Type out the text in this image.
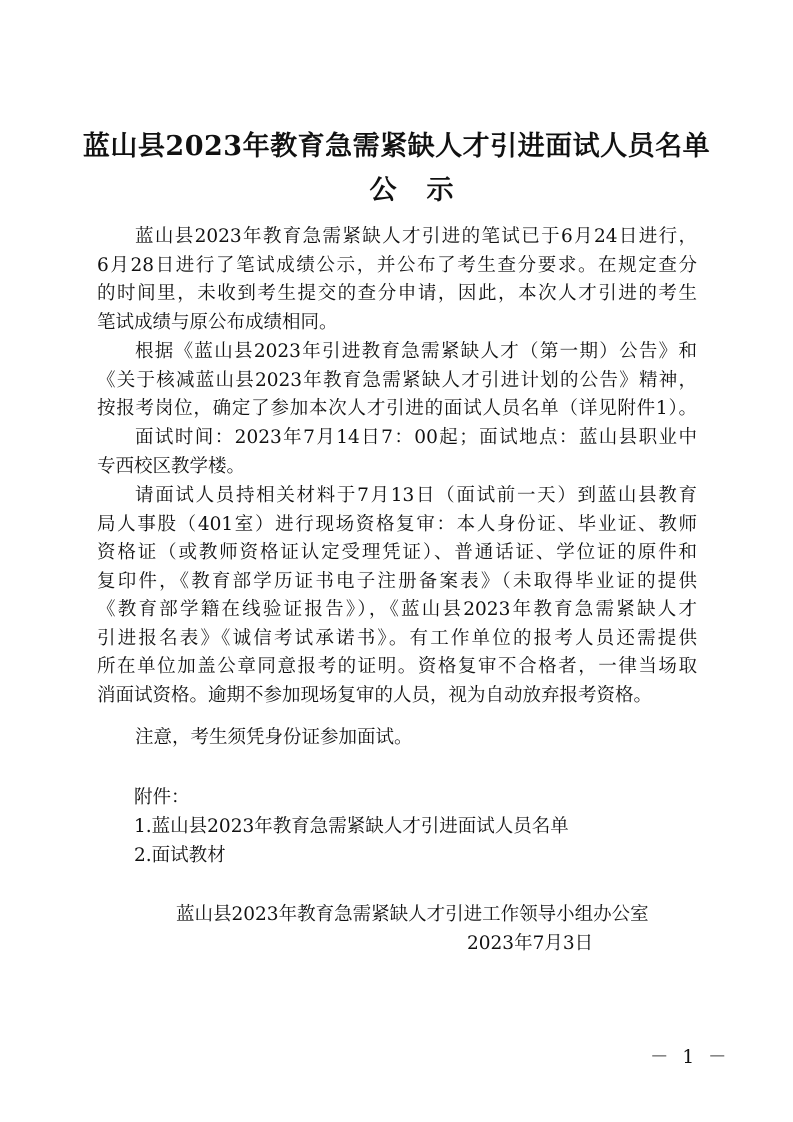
蓝山县2023年教育急需紧缺人才引进面试人员名单
公示
蓝山县2023年教育急需紧缺人才引进的笔试已于6月24日进行，
6月28日进行了笔试成绩公示，并公布了考生查分要求。在规定查分
的时间里，未收到考生提交的查分申请，因此，本次人才引进的考生
笔试成绩与原公布成绩相同。
根据《蓝山县2023年引进教育急需紧缺人才（第一期）公告》和
《关于核减蓝山县2023年教育急需紧缺人才引进计划的公告》精神，
按报考岗位，确定了参加本次人才引进的面试人员名单（详见附件1）。
面试时间：2023年7月14日7：00起；面试地点：蓝山县职业中
专西校区教学楼。
请面试人员持相关材料于7月13日（面试前一天）到蓝山县教育
局人事股（401室）进行现场资格复审：本人身份证、毕业证、教师
资格证（或教师资格证认定受理凭证）、普通话证、学位证的原件和
复印件，《教育部学历证书电子注册备案表》（未取得毕业证的提供
《教育部学籍在线验证报告》），《蓝山县2023年教育急需紧缺人才
引进报名表》《诚信考试承诺书》。有工作单位的报考人员还需提供
所在单位加盖公章同意报考的证明。资格复审不合格者，一律当场取
消面试资格。逾期不参加现场复审的人员，视为自动放弃报考资格。
注意，考生须凭身份证参加面试。
附件：
1.蓝山县2023年教育急需紧缺人才引进面试人员名单
2.面试教材
蓝山县2023年教育急需紧缺人才引进工作领导小组办公室
2023年7月3日
－ 1 －
